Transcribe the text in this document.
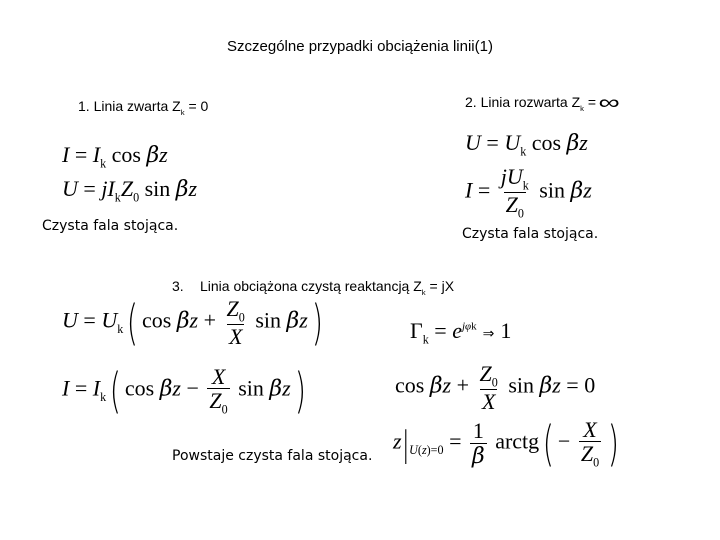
Szczególne przypadki obciążenia linii(1)
1. Linia zwarta $Z_k = 0$
$I = I_k$ cos βz
$U = jI_kZ_0$ sin βz
Czysta fala stojąca.
2. Linia rozwarta $Z_k$ = ∞
$U = U_k$ cos βz
$I = \frac{jU_k}{Z_0}$ sin βz
Czysta fala stojąca.
3. Linia obciążona czystą reaktancją $Z_k$ = jX
$U = U_k$( $\cos \beta z + \frac{Z_0}{X}$ sin βz)
$I = I_k$( $\cos \beta z - \frac{X}{Z_0}$ sin βz)
$\Gamma_k$ = $e^{j\varphi k}\Rightarrow$ 1
$\cos \beta z + \frac{Z_0}{X}$ sin βz = 0
z| $_{U(z)=0} = \frac{1}{\beta}$ arctg( − $\frac{X}{Z_0}$ )
Powstaje czysta fala stojąca.
